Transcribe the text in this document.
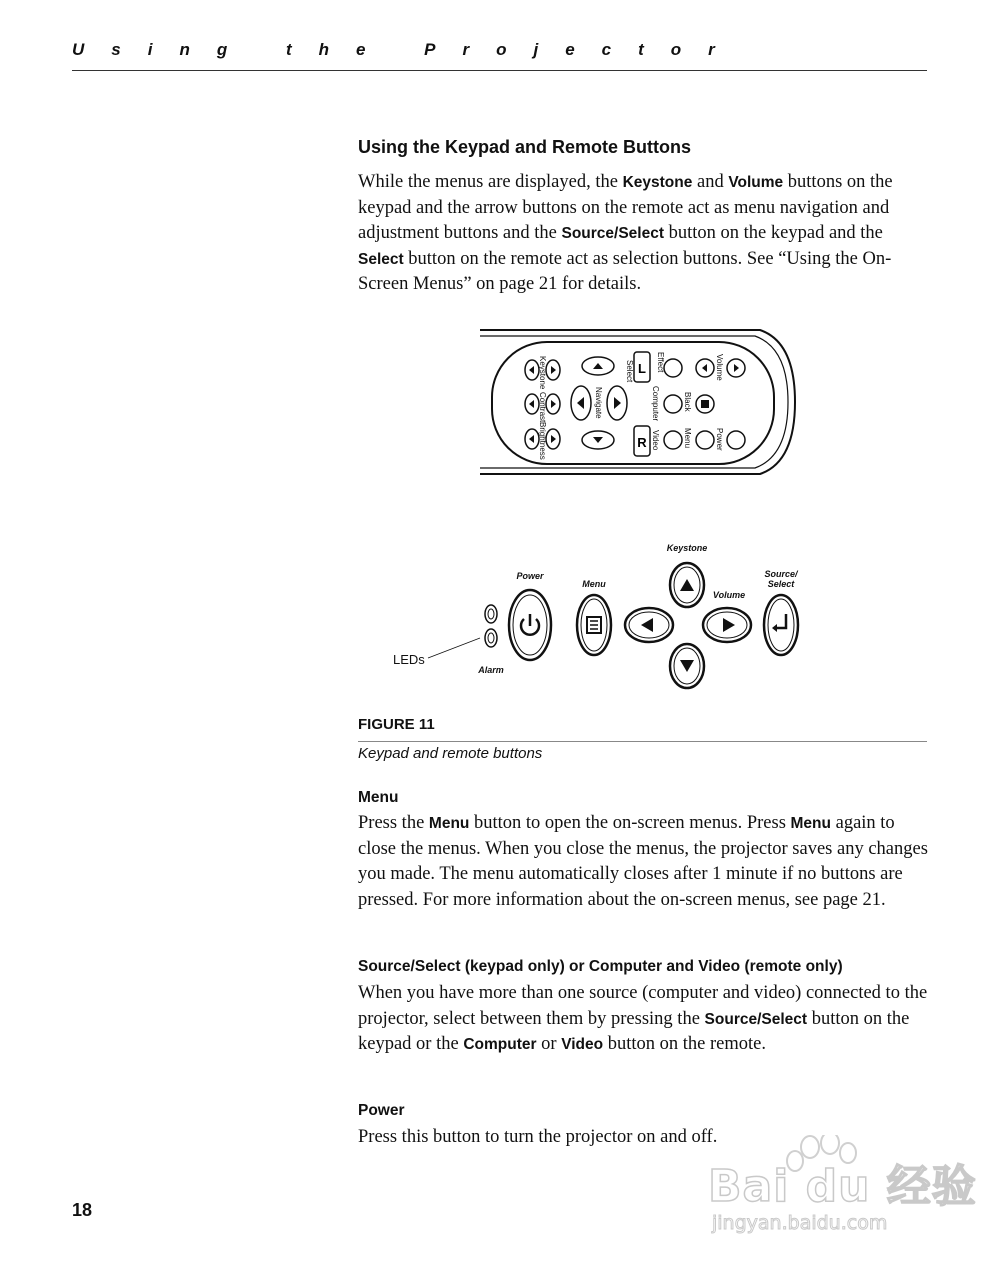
Using the Projector
Using the Keypad and Remote Buttons

While the menus are displayed, the Keystone and Volume buttons on the keypad and the arrow buttons on the remote act as menu navigation and adjustment buttons and the Source/Select button on the keypad and the Select button on the remote act as selection buttons. See “Using the On-Screen Menus” on page 21 for details.

L
R
Keystone
Contrast
Brightness
Navigate
Select
Computer
Video
Effect
Black
Menu
Volume
Power
Keystone
Power
Menu
Volume
Source/
Select
Alarm
LEDs
FIGURE 11
Keypad and remote buttons
Menu

Press the Menu button to open the on-screen menus. Press Menu again to close the menus. When you close the menus, the projector saves any changes you made. The menu automatically closes after 1 minute if no buttons are pressed. For more information about the on-screen menus, see page 21.

Source/Select (keypad only) or Computer and Video (remote only)

When you have more than one source (computer and video) connected to the projector, select between them by pressing the Source/Select button on the keypad or the Computer or Video button on the remote.

Power

Press this button to turn the projector on and off.

18	Bai du 经验
jingyan.baidu.com
